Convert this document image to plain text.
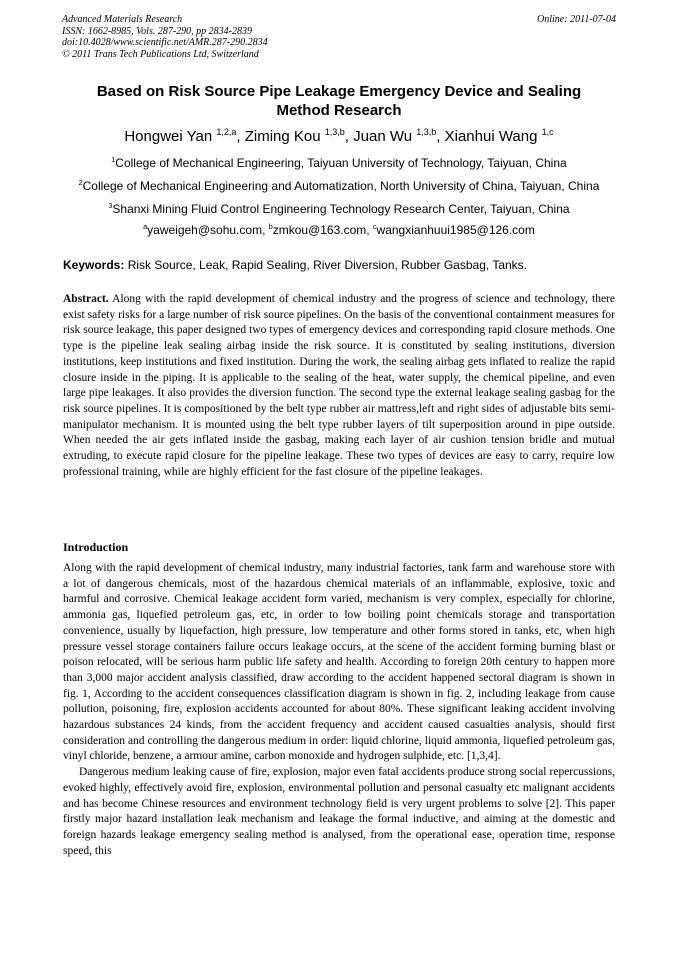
Advanced Materials Research
ISSN: 1662-8985, Vols. 287-290, pp 2834-2839
doi:10.4028/www.scientific.net/AMR.287-290.2834
© 2011 Trans Tech Publications Ltd, Switzerland
Online: 2011-07-04
Based on Risk Source Pipe Leakage Emergency Device and Sealing Method Research
Hongwei Yan $^{1,2,a}$, Ziming Kou $^{1,3,b}$, Juan Wu $^{1,3,b}$, Xianhui Wang $^{1,c}$
$^1$College of Mechanical Engineering, Taiyuan University of Technology, Taiyuan, China
$^2$College of Mechanical Engineering and Automatization, North University of China, Taiyuan, China
$^3$Shanxi Mining Fluid Control Engineering Technology Research Center, Taiyuan, China
$^a$yaweigeh@sohu.com, $^b$zmkou@163.com, $^c$wangxianhuui1985@126.com
Keywords: Risk Source, Leak, Rapid Sealing, River Diversion, Rubber Gasbag, Tanks.

Abstract. Along with the rapid development of chemical industry and the progress of science and technology, there exist safety risks for a large number of risk source pipelines. On the basis of the conventional containment measures for risk source leakage, this paper designed two types of emergency devices and corresponding rapid closure methods. One type is the pipeline leak sealing airbag inside the risk source. It is constituted by sealing institutions, diversion institutions, keep institutions and fixed institution. During the work, the sealing airbag gets inflated to realize the rapid closure inside in the piping. It is applicable to the sealing of the heat, water supply, the chemical pipeline, and even large pipe leakages. It also provides the diversion function. The second type the external leakage sealing gasbag for the risk source pipelines. It is compositioned by the belt type rubber air mattress,left and right sides of adjustable bits semi-manipulator mechanism. It is mounted using the belt type rubber layers of tilt superposition around in pipe outside. When needed the air gets inflated inside the gasbag, making each layer of air cushion tension bridle and mutual extruding, to execute rapid closure for the pipeline leakage. These two types of devices are easy to carry, require low professional training, while are highly efficient for the fast closure of the pipeline leakages.

Introduction

Along with the rapid development of chemical industry, many industrial factories, tank farm and warehouse store with a lot of dangerous chemicals, most of the hazardous chemical materials of an inflammable, explosive, toxic and harmful and corrosive. Chemical leakage accident form varied, mechanism is very complex, especially for chlorine, ammonia gas, liquefied petroleum gas, etc, in order to low boiling point chemicals storage and transportation convenience, usually by liquefaction, high pressure, low temperature and other forms stored in tanks, etc, when high pressure vessel storage containers failure occurs leakage occurs, at the scene of the accident forming burning blast or poison relocated, will be serious harm public life safety and health. According to foreign 20th century to happen more than 3,000 major accident analysis classified, draw according to the accident happened sectoral diagram is shown in fig. 1, According to the accident consequences classification diagram is shown in fig. 2, including leakage from cause pollution, poisoning, fire, explosion accidents accounted for about 80%. These significant leaking accident involving hazardous substances 24 kinds, from the accident frequency and accident caused casualties analysis, should first consideration and controlling the dangerous medium in order: liquid chlorine, liquid ammonia, liquefied petroleum gas, vinyl chloride, benzene, a armour amine, carbon monoxide and hydrogen sulphide, etc. [1,3,4].

Dangerous medium leaking cause of fire, explosion, major even fatal accidents produce strong social repercussions, evoked highly, effectively avoid fire, explosion, environmental pollution and personal casualty etc malignant accidents and has become Chinese resources and environment technology field is very urgent problems to solve [2]. This paper firstly major hazard installation leak mechanism and leakage the formal inductive, and aiming at the domestic and foreign hazards leakage emergency sealing method is analysed, from the operational ease, operation time, response speed, this
